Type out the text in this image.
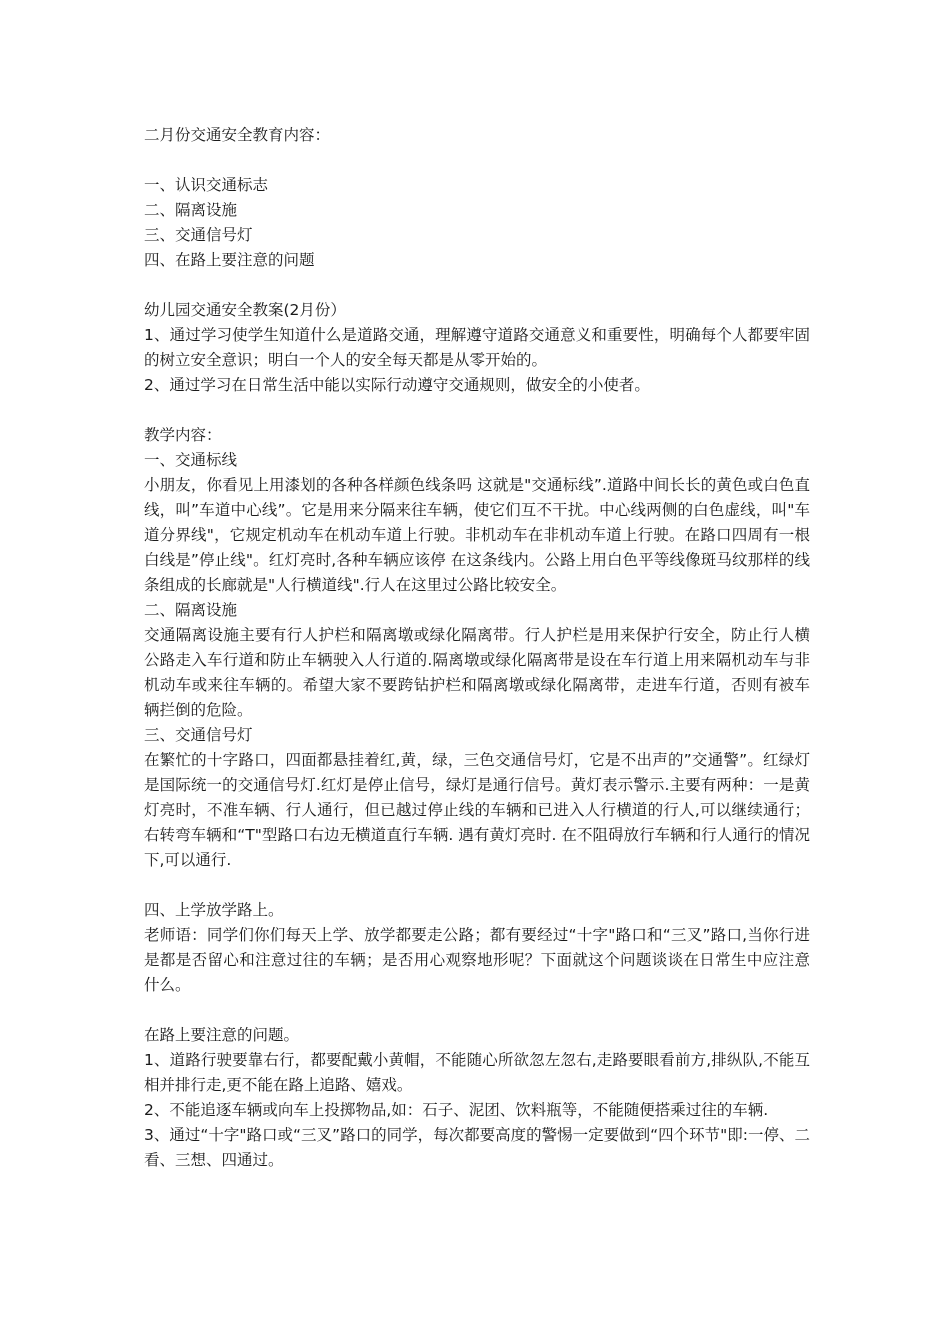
二月份交通安全教育内容：
一、认识交通标志
二、隔离设施
三、交通信号灯
四、在路上要注意的问题
幼儿园交通安全教案(2月份）
1、通过学习使学生知道什么是道路交通，理解遵守道路交通意义和重要性，明确每个人都要牢固的树立安全意识；明白一个人的安全每天都是从零开始的。
2、通过学习在日常生活中能以实际行动遵守交通规则，做安全的小使者。
教学内容：
一、交通标线
小朋友，你看见上用漆划的各种各样颜色线条吗 这就是"交通标线”.道路中间长长的黄色或白色直线，叫”车道中心线”。它是用来分隔来往车辆，使它们互不干扰。中心线两侧的白色虚线，叫"车道分界线"，它规定机动车在机动车道上行驶。非机动车在非机动车道上行驶。在路口四周有一根白线是”停止线"。红灯亮时,各种车辆应该停 在这条线内。公路上用白色平等线像斑马纹那样的线条组成的长廊就是"人行横道线".行人在这里过公路比较安全。
二、隔离设施
交通隔离设施主要有行人护栏和隔离墩或绿化隔离带。行人护栏是用来保护行安全，防止行人横 公路走入车行道和防止车辆驶入人行道的.隔离墩或绿化隔离带是设在车行道上用来隔机动车与非机动车或来往车辆的。希望大家不要跨钻护栏和隔离墩或绿化隔离带，走进车行道，否则有被车辆拦倒的危险。
三、交通信号灯
在繁忙的十字路口，四面都悬挂着红,黄，绿，三色交通信号灯，它是不出声的”交通警”。红绿灯是国际统一的交通信号灯.红灯是停止信号，绿灯是通行信号。黄灯表示警示.主要有两种：一是黄灯亮时，不准车辆、行人通行，但已越过停止线的车辆和已进入人行横道的行人,可以继续通行；右转弯车辆和“T"型路口右边无横道直行车辆. 遇有黄灯亮时. 在不阻碍放行车辆和行人通行的情况下,可以通行.
四、上学放学路上。
老师语：同学们你们每天上学、放学都要走公路；都有要经过“十字"路口和“三叉”路口,当你行进是都是否留心和注意过往的车辆；是否用心观察地形呢？下面就这个问题谈谈在日常生中应注意什么。
在路上要注意的问题。
1、道路行驶要靠右行，都要配戴小黄帽，不能随心所欲忽左忽右,走路要眼看前方,排纵队,不能互相并排行走,更不能在路上追路、嬉戏。
2、不能追逐车辆或向车上投掷物品,如：石子、泥团、饮料瓶等，不能随便搭乘过往的车辆.
3、通过“十字"路口或“三叉”路口的同学，每次都要高度的警惕一定要做到“四个环节"即:一停、二看、三想、四通过。
